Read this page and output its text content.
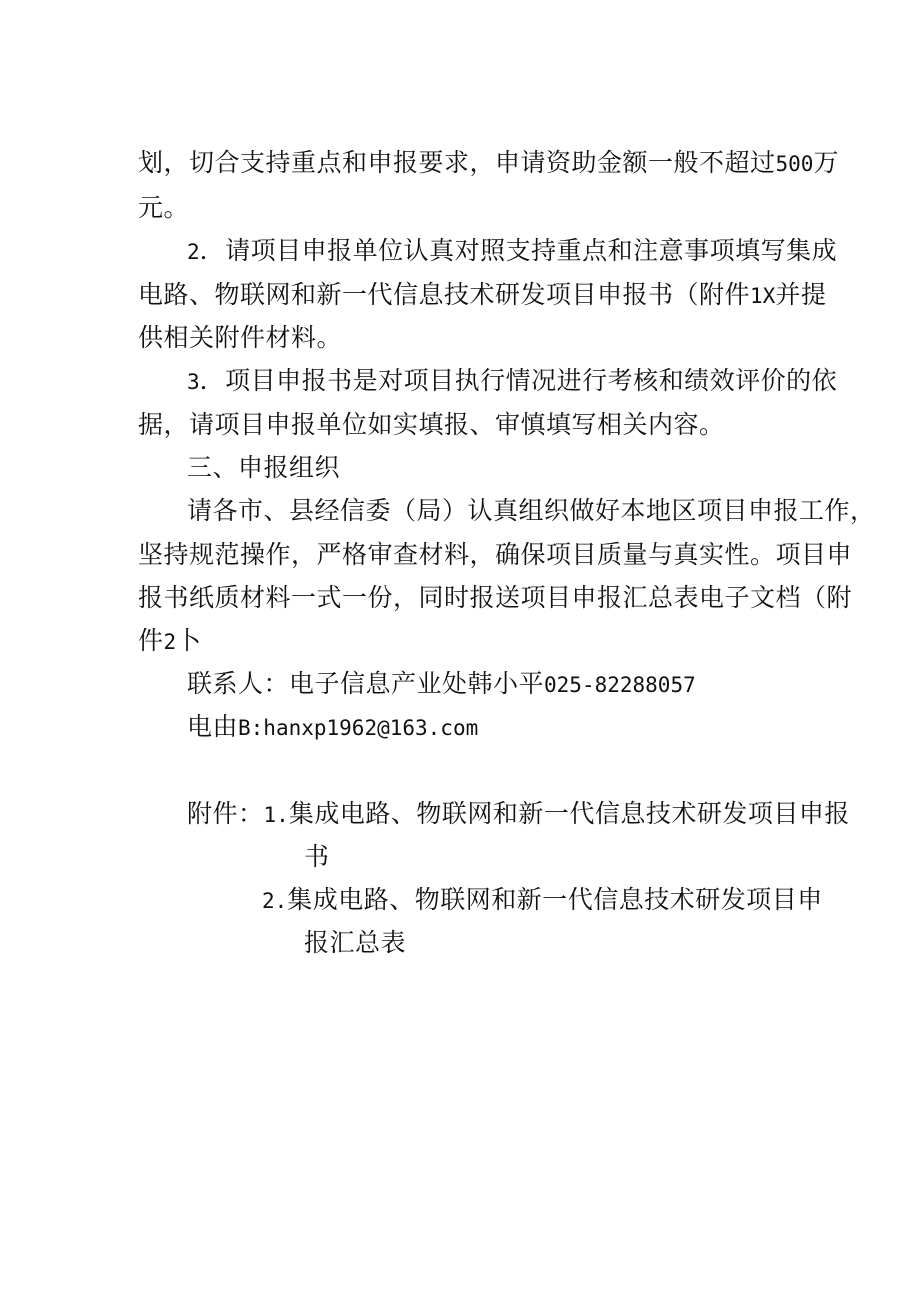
划，切合支持重点和申报要求，申请资助金额一般不超过500万
元。
2．请项目申报单位认真对照支持重点和注意事项填写集成
电路、物联网和新一代信息技术研发项目申报书（附件1X并提
供相关附件材料。
3．项目申报书是对项目执行情况进行考核和绩效评价的依
据，请项目申报单位如实填报、审慎填写相关内容。
三、申报组织
请各市、县经信委（局）认真组织做好本地区项目申报工作，
坚持规范操作，严格审查材料，确保项目质量与真实性。项目申
报书纸质材料一式一份，同时报送项目申报汇总表电子文档（附
件2卜
联系人：电子信息产业处韩小平025-82288057
电由B:hanxp1962@163.com
附件：1.集成电路、物联网和新一代信息技术研发项目申报
书
2.集成电路、物联网和新一代信息技术研发项目申
报汇总表
